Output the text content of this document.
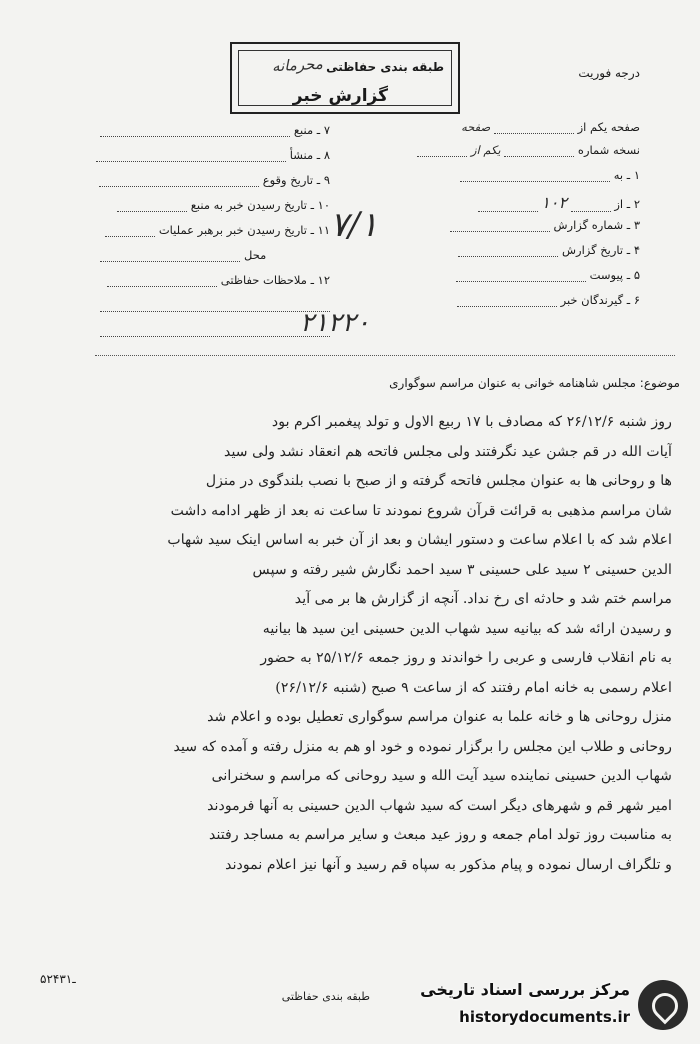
طبقه بندی حفاظتی
محرمانه
گزارش خبر
درجه فوریت
صفحه یکم از  صفحه
نسخه شماره  یکم از
۱ ـ به
۲ ـ از  ۱۰۲
۳ ـ شماره گزارش
۴ ـ تاریخ گزارش
۵ ـ پیوست
۶ ـ گیرندگان خبر
۷ ـ منبع
۸ ـ منشأ
۹ ـ تاریخ وقوع
۱۰ ـ تاریخ رسیدن خبر به منبع
۱۱ ـ تاریخ رسیدن خبر برهبر عملیات
محل
۱۲ ـ ملاحظات حفاظتی
۲۱۲۲۰
۷/۱
موضوع: مجلس شاهنامه خوانی به عنوان مراسم سوگواری
روز شنبه ۲۶/۱۲/۶ که مصادف با ۱۷ ربیع الاول و تولد پیغمبر اکرم بود
آیات الله در قم جشن عید نگرفتند ولی مجلس فاتحه هم انعقاد نشد ولی سید
ها و روحانی ها به عنوان مجلس فاتحه گرفته و از صبح با نصب بلندگوی در منزل
شان مراسم مذهبی به قرائت قرآن شروع نمودند تا ساعت نه بعد از ظهر ادامه داشت
اعلام شد که با اعلام ساعت و دستور ایشان و بعد از آن خبر به اساس اینک سید شهاب
الدین حسینی ۲ سید علی حسینی ۳ سید احمد نگارش شیر رفته و سپس
مراسم ختم شد و حادثه ای رخ نداد. آنچه از گزارش ها بر می آید
و رسیدن ارائه شد که بیانیه سید شهاب الدین حسینی این سید ها بیانیه
به نام انقلاب فارسی و عربی را خواندند و روز جمعه ۲۵/۱۲/۶ به حضور
اعلام رسمی به خانه امام رفتند که از ساعت ۹ صبح (شنبه ۲۶/۱۲/۶)
منزل روحانی ها و خانه علما به عنوان مراسم سوگواری تعطیل بوده و اعلام شد
روحانی و طلاب این مجلس را برگزار نموده و خود او هم به منزل رفته و آمده که سید
شهاب الدین حسینی نماینده سید آیت الله و سید روحانی که مراسم و سخنرانی
امیر شهر قم و شهرهای دیگر است که سید شهاب الدین حسینی به آنها فرمودند
به مناسبت روز تولد امام جمعه و روز عید مبعث و سایر مراسم به مساجد رفتند
و تلگراف ارسال نموده و پیام مذکور به سپاه قم رسید و آنها نیز اعلام نمودند
۵۲ـ۴۳۱
طبقه بندی حفاظتی	مرکز بررسی اسناد تاریخی
historydocuments.ir
